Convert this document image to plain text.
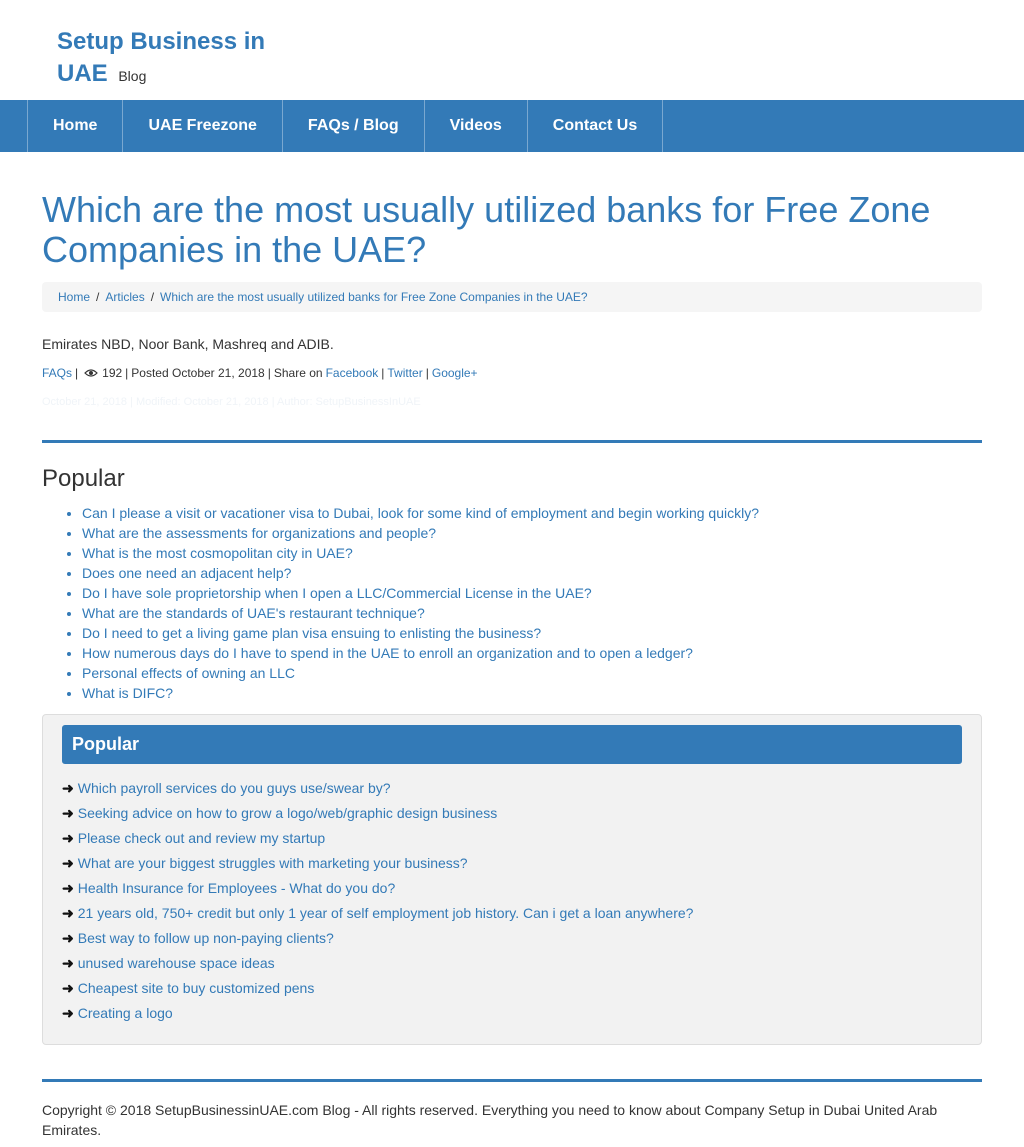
Setup Business in UAE Blog
Home	UAE Freezone	FAQs / Blog	Videos	Contact Us
Which are the most usually utilized banks for Free Zone Companies in the UAE?
Home / Articles / Which are the most usually utilized banks for Free Zone Companies in the UAE?
Emirates NBD, Noor Bank, Mashreq and ADIB.
FAQs | 192 | Posted October 21, 2018 | Share on Facebook | Twitter | Google+
October 21, 2018 | Modified: October 21, 2018 | Author: SetupBusinessInUAE
Popular
• Can I please a visit or vacationer visa to Dubai, look for some kind of employment and begin working quickly?
• What are the assessments for organizations and people?
• What is the most cosmopolitan city in UAE?
• Does one need an adjacent help?
• Do I have sole proprietorship when I open a LLC/Commercial License in the UAE?
• What are the standards of UAE's restaurant technique?
• Do I need to get a living game plan visa ensuing to enlisting the business?
• How numerous days do I have to spend in the UAE to enroll an organization and to open a ledger?
• Personal effects of owning an LLC
• What is DIFC?
Popular
➜ Which payroll services do you guys use/swear by?
➜ Seeking advice on how to grow a logo/web/graphic design business
➜ Please check out and review my startup
➜ What are your biggest struggles with marketing your business?
➜ Health Insurance for Employees - What do you do?
➜ 21 years old, 750+ credit but only 1 year of self employment job history. Can i get a loan anywhere?
➜ Best way to follow up non-paying clients?
➜ unused warehouse space ideas
➜ Cheapest site to buy customized pens
➜ Creating a logo
Copyright © 2018 SetupBusinessinUAE.com Blog - All rights reserved. Everything you need to know about Company Setup in Dubai United Arab Emirates.
